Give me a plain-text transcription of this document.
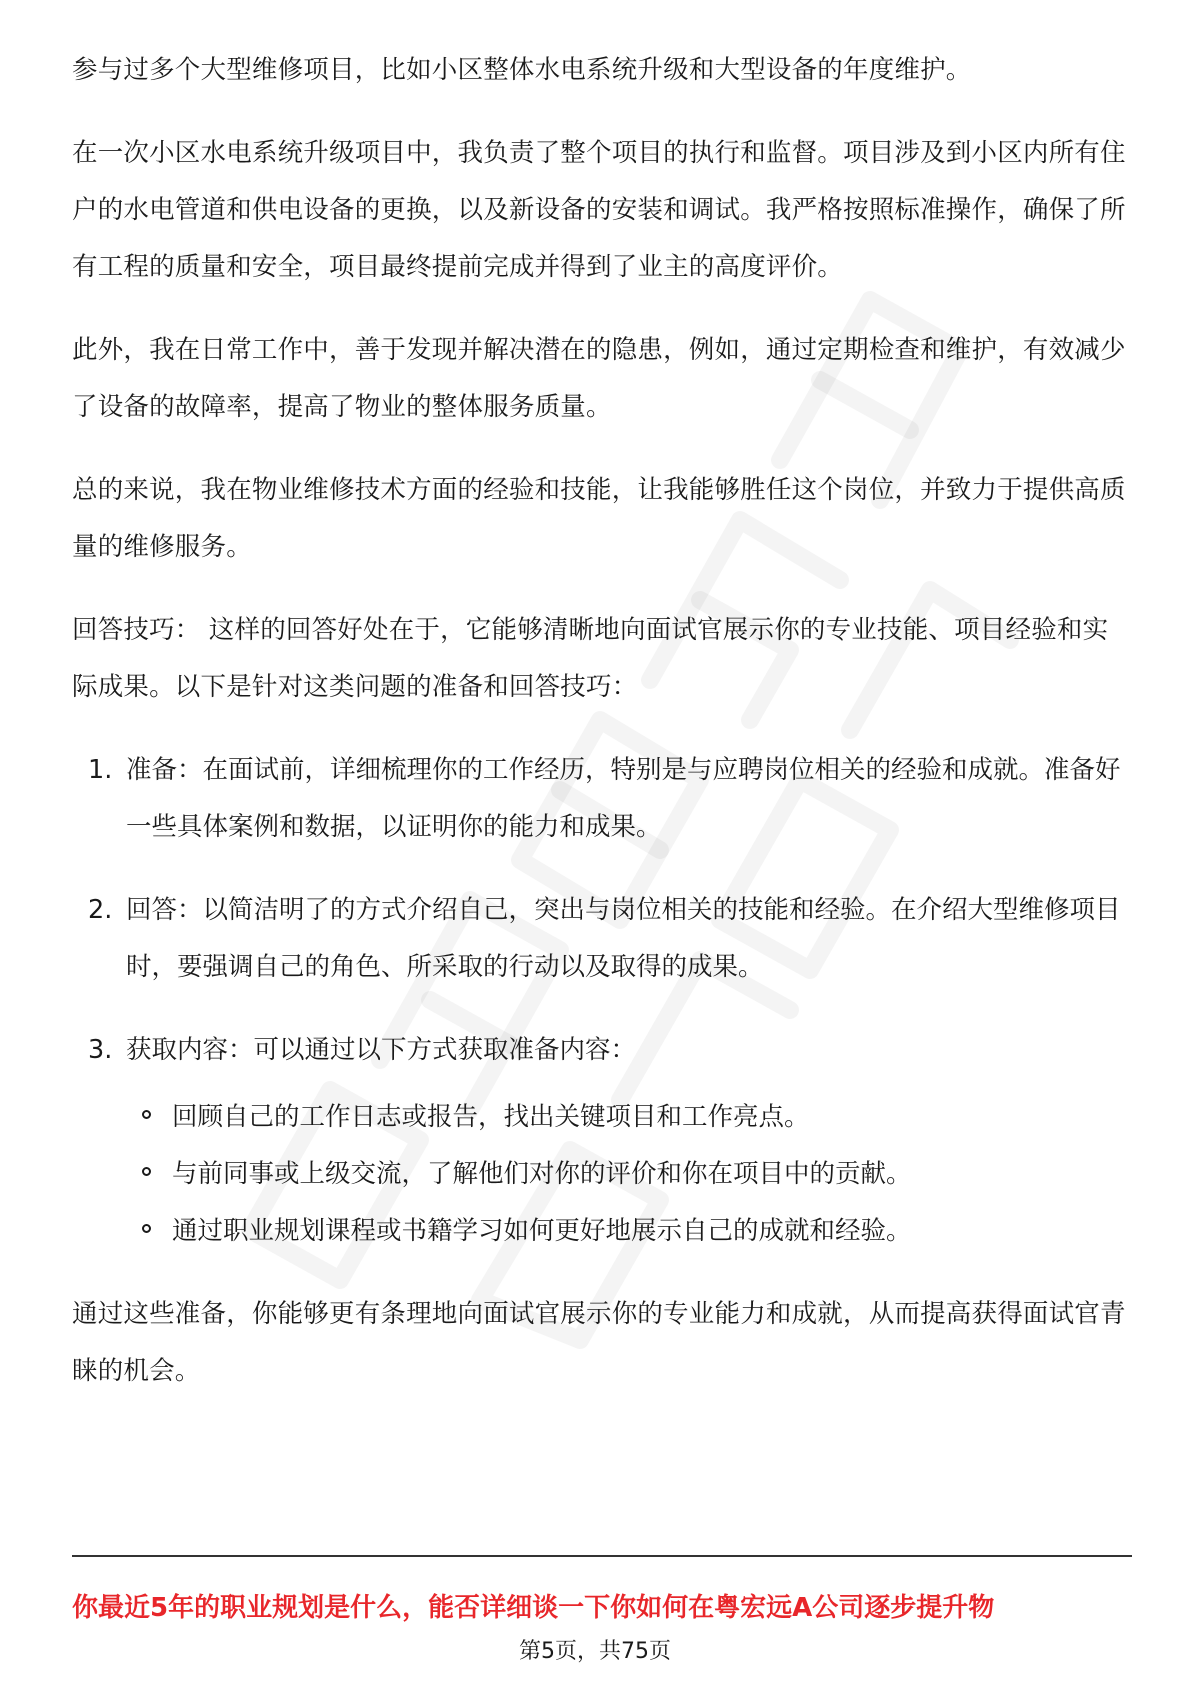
参与过多个大型维修项目，比如小区整体水电系统升级和大型设备的年度维护。

在一次小区水电系统升级项目中，我负责了整个项目的执行和监督。项目涉及到小区内所有住户的水电管道和供电设备的更换，以及新设备的安装和调试。我严格按照标准操作，确保了所有工程的质量和安全，项目最终提前完成并得到了业主的高度评价。

此外，我在日常工作中，善于发现并解决潜在的隐患，例如，通过定期检查和维护，有效减少了设备的故障率，提高了物业的整体服务质量。

总的来说，我在物业维修技术方面的经验和技能，让我能够胜任这个岗位，并致力于提供高质量的维修服务。

回答技巧： 这样的回答好处在于，它能够清晰地向面试官展示你的专业技能、项目经验和实际成果。以下是针对这类问题的准备和回答技巧：

1. 准备：在面试前，详细梳理你的工作经历，特别是与应聘岗位相关的经验和成就。准备好一些具体案例和数据，以证明你的能力和成果。
2. 回答：以简洁明了的方式介绍自己，突出与岗位相关的技能和经验。在介绍大型维修项目时，要强调自己的角色、所采取的行动以及取得的成果。
3. 获取内容：可以通过以下方式获取准备内容：
回顾自己的工作日志或报告，找出关键项目和工作亮点。
与前同事或上级交流，了解他们对你的评价和你在项目中的贡献。
通过职业规划课程或书籍学习如何更好地展示自己的成就和经验。

通过这些准备，你能够更有条理地向面试官展示你的专业能力和成就，从而提高获得面试官青睐的机会。

你最近5年的职业规划是什么，能否详细谈一下你如何在粤宏远A公司逐步提升物
第5页，共75页
